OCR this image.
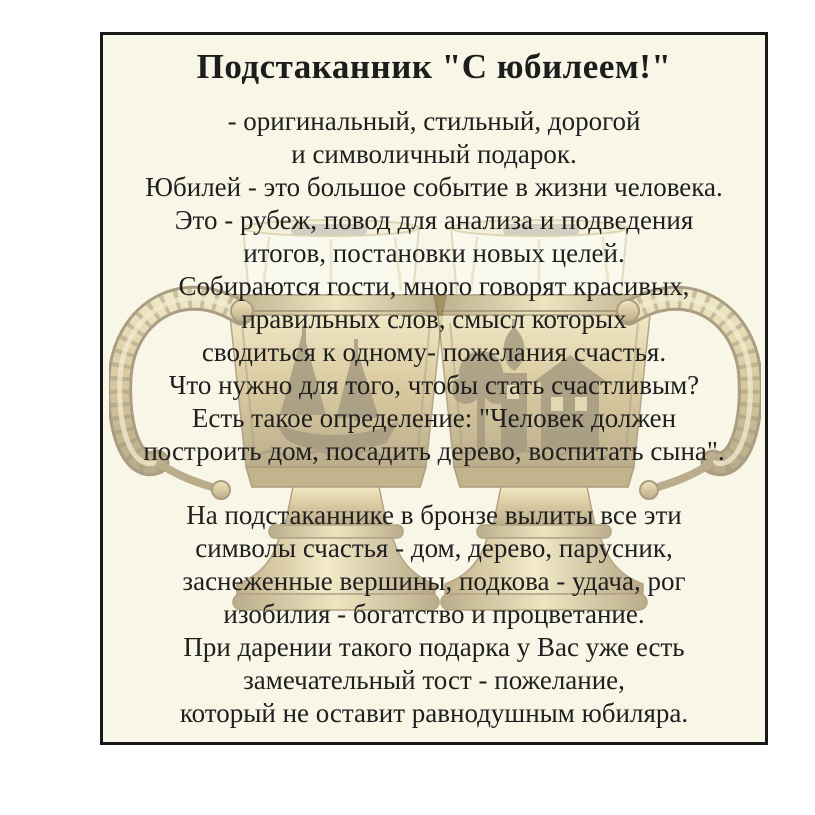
Подстаканник "С юбилеем!"
- оригинальный, стильный, дорогой
и символичный подарок.
Юбилей - это большое событие в жизни человека.
Это - рубеж, повод для анализа и подведения
итогов, постановки новых целей.
Собираются гости, много говорят красивых,
правильных слов, смысл которых
сводиться к одному- пожелания счастья.
Что нужно для того, чтобы стать счастливым?
Есть такое определение: "Человек должен
построить дом, посадить дерево, воспитать сына".
На подстаканнике в бронзе вылиты все эти
символы счастья - дом, дерево, парусник,
заснеженные вершины, подкова - удача, рог
изобилия - богатство и процветание.
При дарении такого подарка у Вас уже есть
замечательный тост - пожелание,
который не оставит равнодушным юбиляра.
